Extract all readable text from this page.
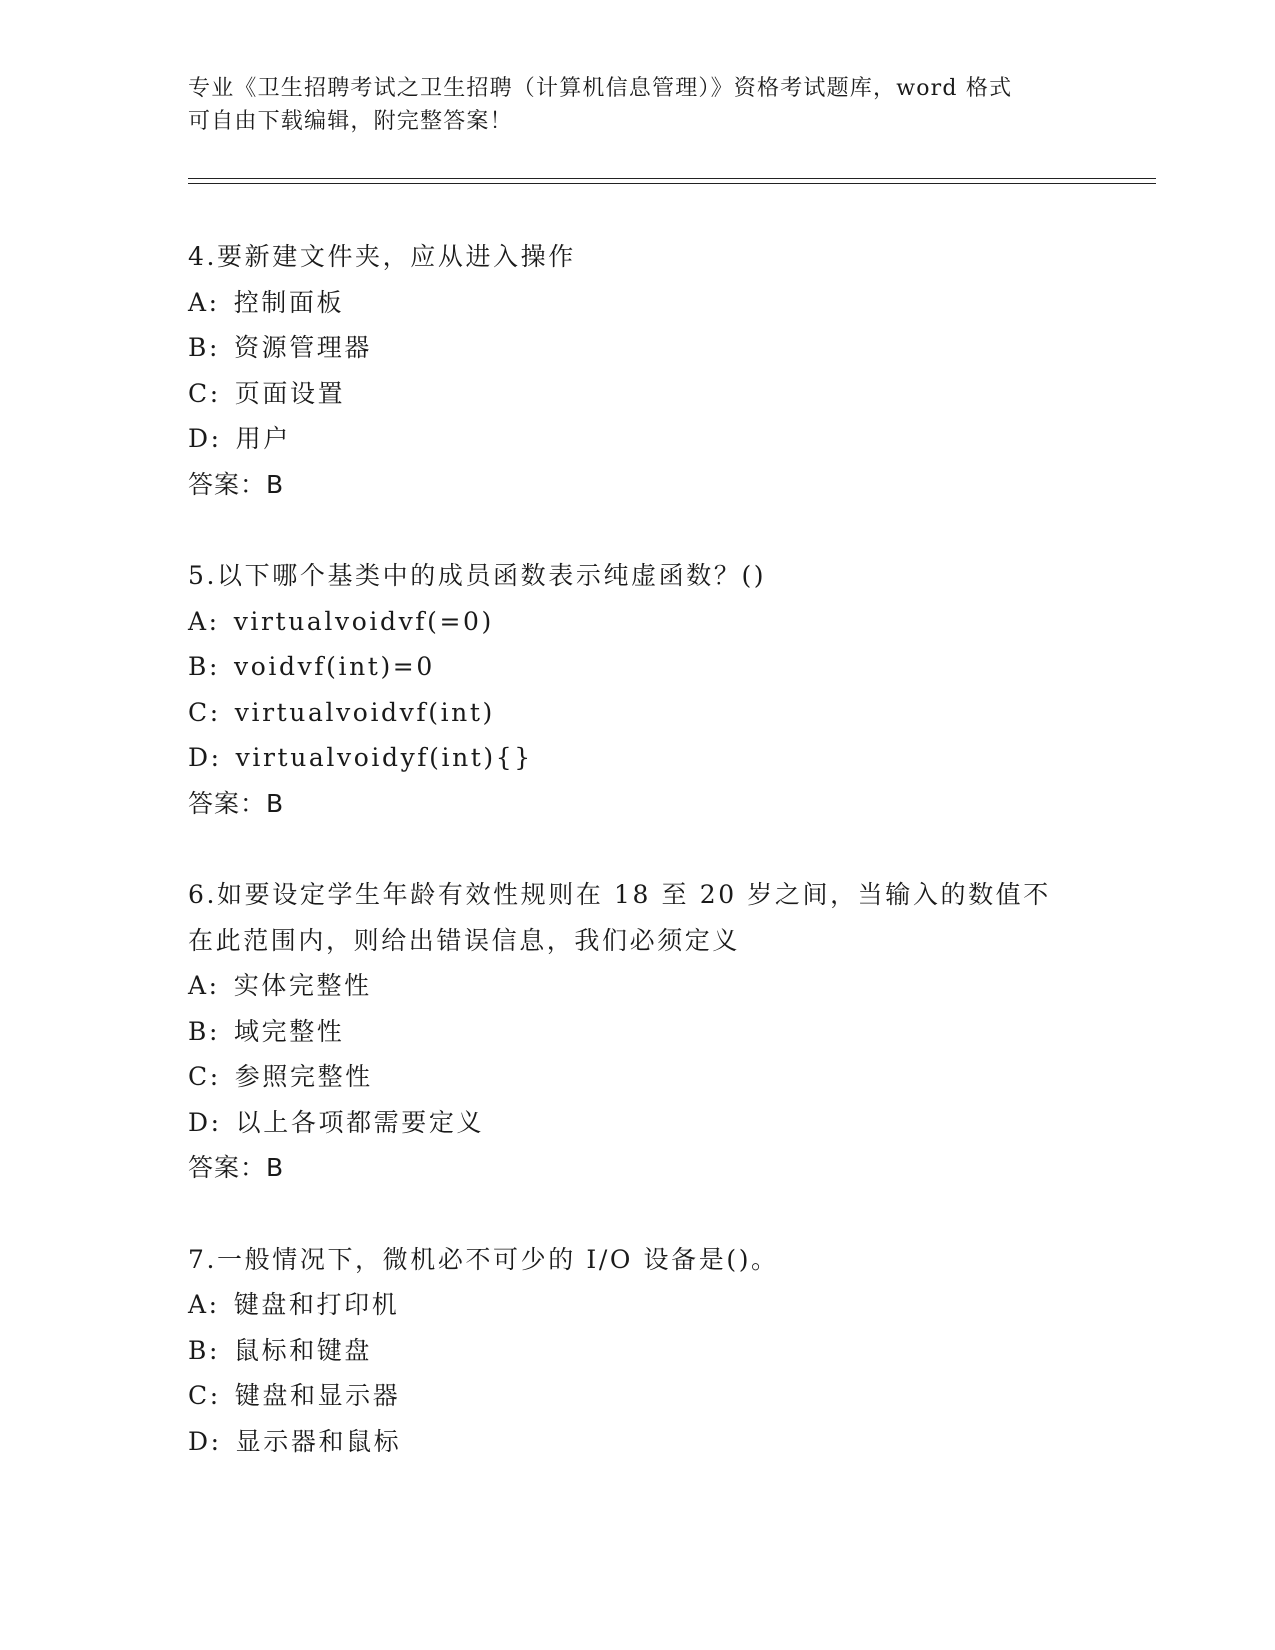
专业《卫生招聘考试之卫生招聘（计算机信息管理）》资格考试题库，word 格式
可自由下载编辑，附完整答案！
4.要新建文件夹，应从进入操作
A: 控制面板
B: 资源管理器
C: 页面设置
D: 用户
答案：B
5.以下哪个基类中的成员函数表示纯虚函数？()
A: virtualvoidvf(=0)
B: voidvf(int)=0
C: virtualvoidvf(int)
D: virtualvoidyf(int){}
答案：B
6.如要设定学生年龄有效性规则在 18 至 20 岁之间，当输入的数值不
在此范围内，则给出错误信息，我们必须定义
A: 实体完整性
B: 域完整性
C: 参照完整性
D: 以上各项都需要定义
答案：B
7.一般情况下，微机必不可少的 I/O 设备是()。
A: 键盘和打印机
B: 鼠标和键盘
C: 键盘和显示器
D: 显示器和鼠标
